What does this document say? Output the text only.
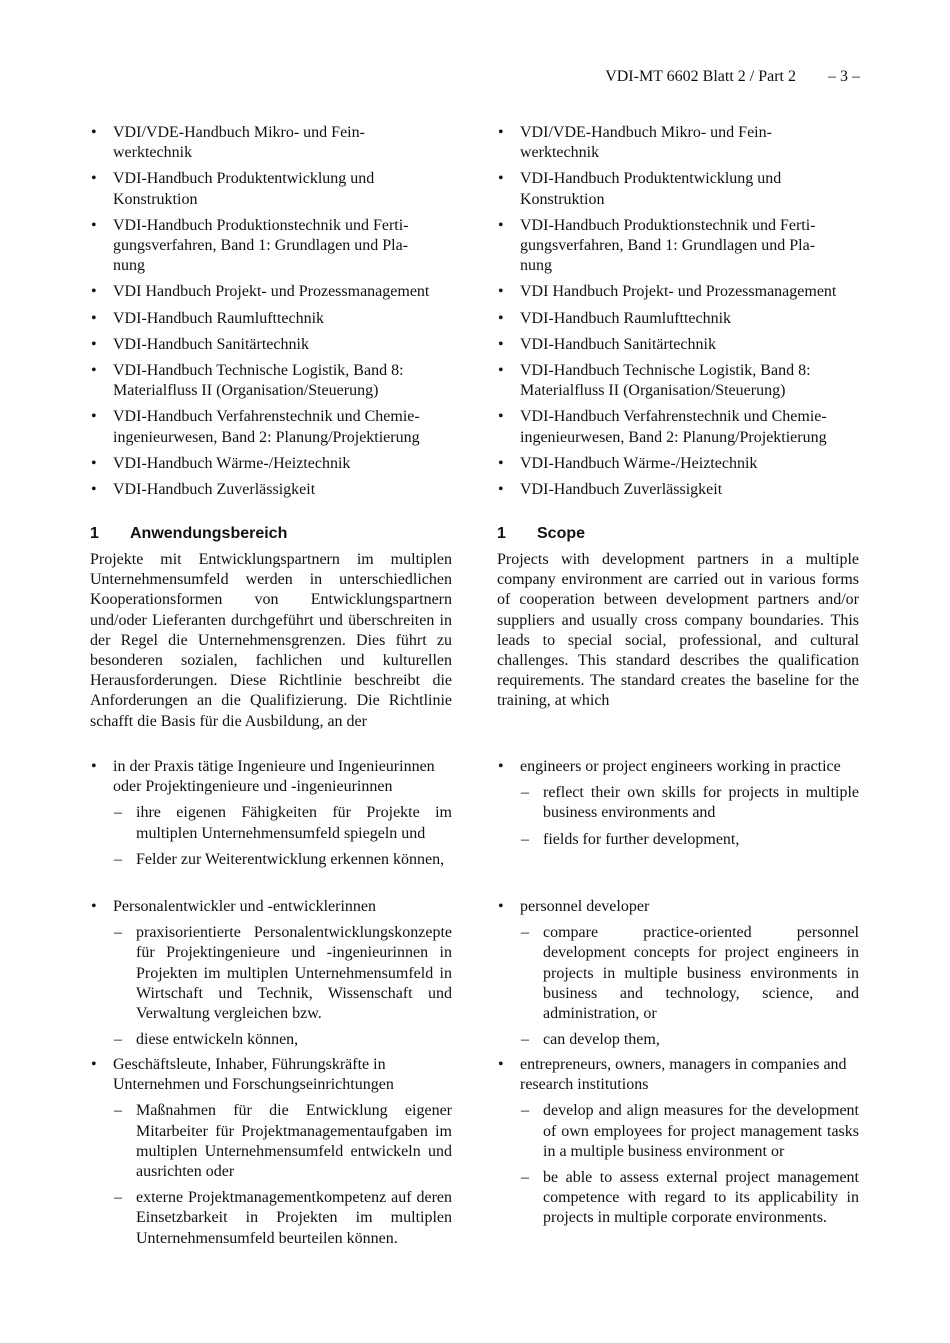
VDI-MT 6602 Blatt 2 / Part 2 – 3 –
• VDI/VDE-Handbuch Mikro- und Fein-
werktechnik
• VDI-Handbuch Produktentwicklung und
Konstruktion
• VDI-Handbuch Produktionstechnik und Ferti-
gungsverfahren, Band 1: Grundlagen und Pla-
nung
• VDI Handbuch Projekt- und Prozessmanagement
• VDI-Handbuch Raumlufttechnik
• VDI-Handbuch Sanitärtechnik
• VDI-Handbuch Technische Logistik, Band 8:
Materialfluss II (Organisation/Steuerung)
• VDI-Handbuch Verfahrenstechnik und Chemie-
ingenieurwesen, Band 2: Planung/Projektierung
• VDI-Handbuch Wärme-/Heiztechnik
• VDI-Handbuch Zuverlässigkeit
1 Anwendungsbereich
Projekte mit Entwicklungspartnern im multiplen Unternehmensumfeld werden in unterschiedlichen Kooperationsformen von Entwicklungspartnern und/oder Lieferanten durchgeführt und überschreiten in der Regel die Unternehmensgrenzen. Dies führt zu besonderen sozialen, fachlichen und kulturellen Herausforderungen. Diese Richtlinie beschreibt die Anforderungen an die Qualifizierung. Die Richtlinie schafft die Basis für die Ausbildung, an der
• in der Praxis tätige Ingenieure und Ingenieurinnen oder Projektingenieure und -ingenieurinnen
– ihre eigenen Fähigkeiten für Projekte im multiplen Unternehmensumfeld spiegeln und
– Felder zur Weiterentwicklung erkennen können,
• Personalentwickler und -entwicklerinnen
– praxisorientierte Personalentwicklungskonzepte für Projektingenieure und -ingenieurinnen in Projekten im multiplen Unternehmensumfeld in Wirtschaft und Technik, Wissenschaft und Verwaltung vergleichen bzw.
– diese entwickeln können,
• Geschäftsleute, Inhaber, Führungskräfte in Unternehmen und Forschungseinrichtungen
– Maßnahmen für die Entwicklung eigener Mitarbeiter für Projektmanagementaufgaben im multiplen Unternehmensumfeld entwickeln und ausrichten oder
– externe Projektmanagementkompetenz auf deren Einsetzbarkeit in Projekten im multiplen Unternehmensumfeld beurteilen können.
• VDI/VDE-Handbuch Mikro- und Fein-
werktechnik
• VDI-Handbuch Produktentwicklung und
Konstruktion
• VDI-Handbuch Produktionstechnik und Ferti-
gungsverfahren, Band 1: Grundlagen und Pla-
nung
• VDI Handbuch Projekt- und Prozessmanagement
• VDI-Handbuch Raumlufttechnik
• VDI-Handbuch Sanitärtechnik
• VDI-Handbuch Technische Logistik, Band 8:
Materialfluss II (Organisation/Steuerung)
• VDI-Handbuch Verfahrenstechnik und Chemie-
ingenieurwesen, Band 2: Planung/Projektierung
• VDI-Handbuch Wärme-/Heiztechnik
• VDI-Handbuch Zuverlässigkeit
1 Scope
Projects with development partners in a multiple company environment are carried out in various forms of cooperation between development partners and/or suppliers and usually cross company boundaries. This leads to special social, professional, and cultural challenges. This standard describes the qualification requirements. The standard creates the baseline for the training, at which
• engineers or project engineers working in practice
– reflect their own skills for projects in multiple business environments and
– fields for further development,
• personnel developer
– compare practice-oriented personnel development concepts for project engineers in projects in multiple business environments in business and technology, science, and administration, or
– can develop them,
• entrepreneurs, owners, managers in companies and research institutions
– develop and align measures for the development of own employees for project management tasks in a multiple business environment or
– be able to assess external project management competence with regard to its applicability in projects in multiple corporate environments.
